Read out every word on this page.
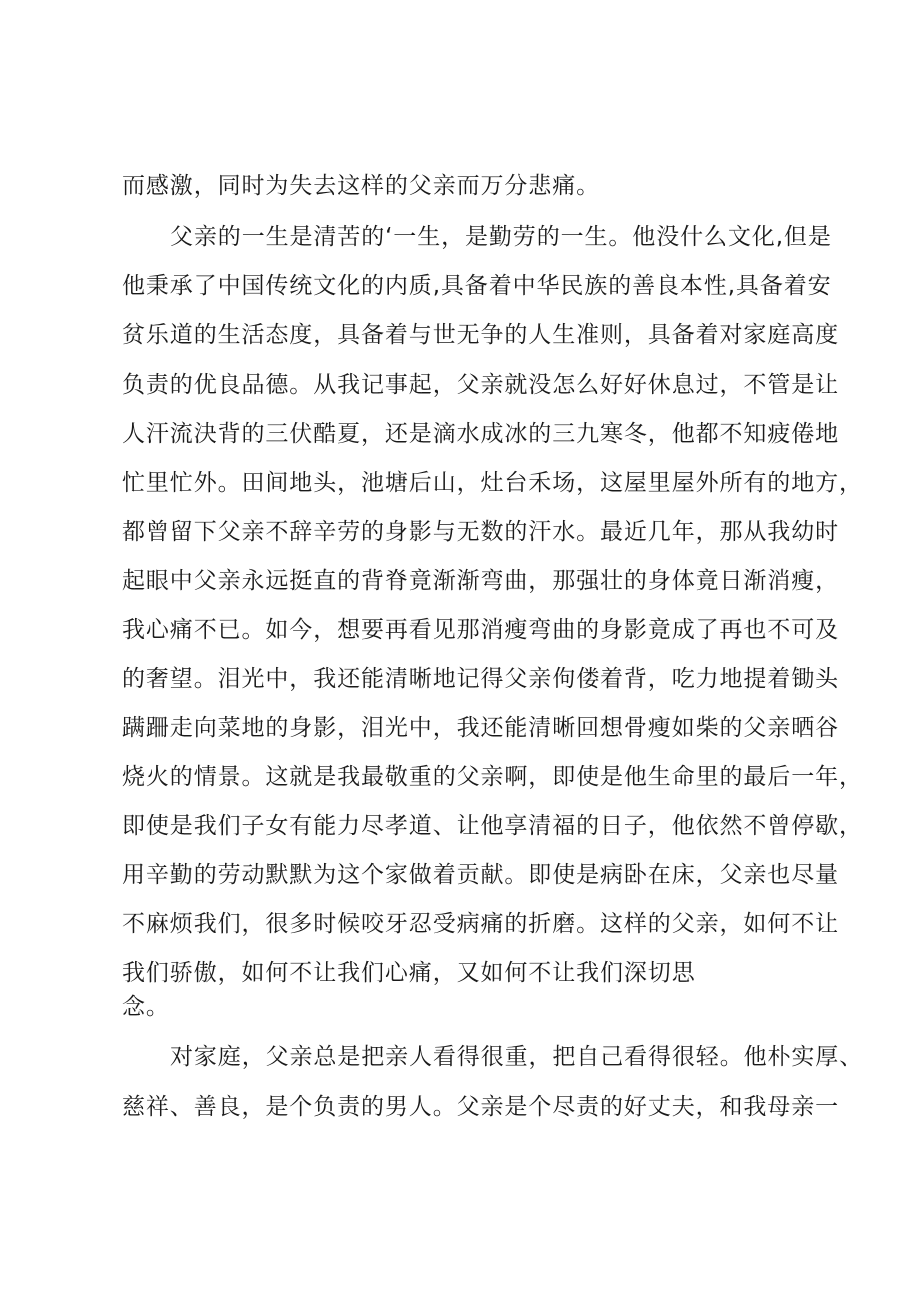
而感激，同时为失去这样的父亲而万分悲痛。

父亲的一生是清苦的‘一生，是勤劳的一生。他没什么文化,但是

他秉承了中国传统文化的内质,具备着中华民族的善良本性,具备着安

贫乐道的生活态度，具备着与世无争的人生准则，具备着对家庭高度

负责的优良品德。从我记事起，父亲就没怎么好好休息过，不管是让

人汗流決背的三伏酷夏，还是滴水成冰的三九寒冬，他都不知疲倦地

忙里忙外。田间地头，池塘后山，灶台禾场，这屋里屋外所有的地方，

都曾留下父亲不辞辛劳的身影与无数的汗水。最近几年，那从我幼时

起眼中父亲永远挺直的背脊竟渐渐弯曲，那强壮的身体竟日渐消瘦，

我心痛不已。如今，想要再看见那消瘦弯曲的身影竟成了再也不可及

的奢望。泪光中，我还能清晰地记得父亲佝偻着背，吃力地提着锄头

蹒跚走向菜地的身影，泪光中，我还能清晰回想骨瘦如柴的父亲晒谷

烧火的情景。这就是我最敬重的父亲啊，即使是他生命里的最后一年，

即使是我们子女有能力尽孝道、让他享清福的日子，他依然不曾停歇，

用辛勤的劳动默默为这个家做着贡献。即使是病卧在床，父亲也尽量

不麻烦我们，很多时候咬牙忍受病痛的折磨。这样的父亲，如何不让

我们骄傲，如何不让我们心痛，又如何不让我们深切思

念。

对家庭，父亲总是把亲人看得很重，把自己看得很轻。他朴实厚、

慈祥、善良，是个负责的男人。父亲是个尽责的好丈夫，和我母亲一
